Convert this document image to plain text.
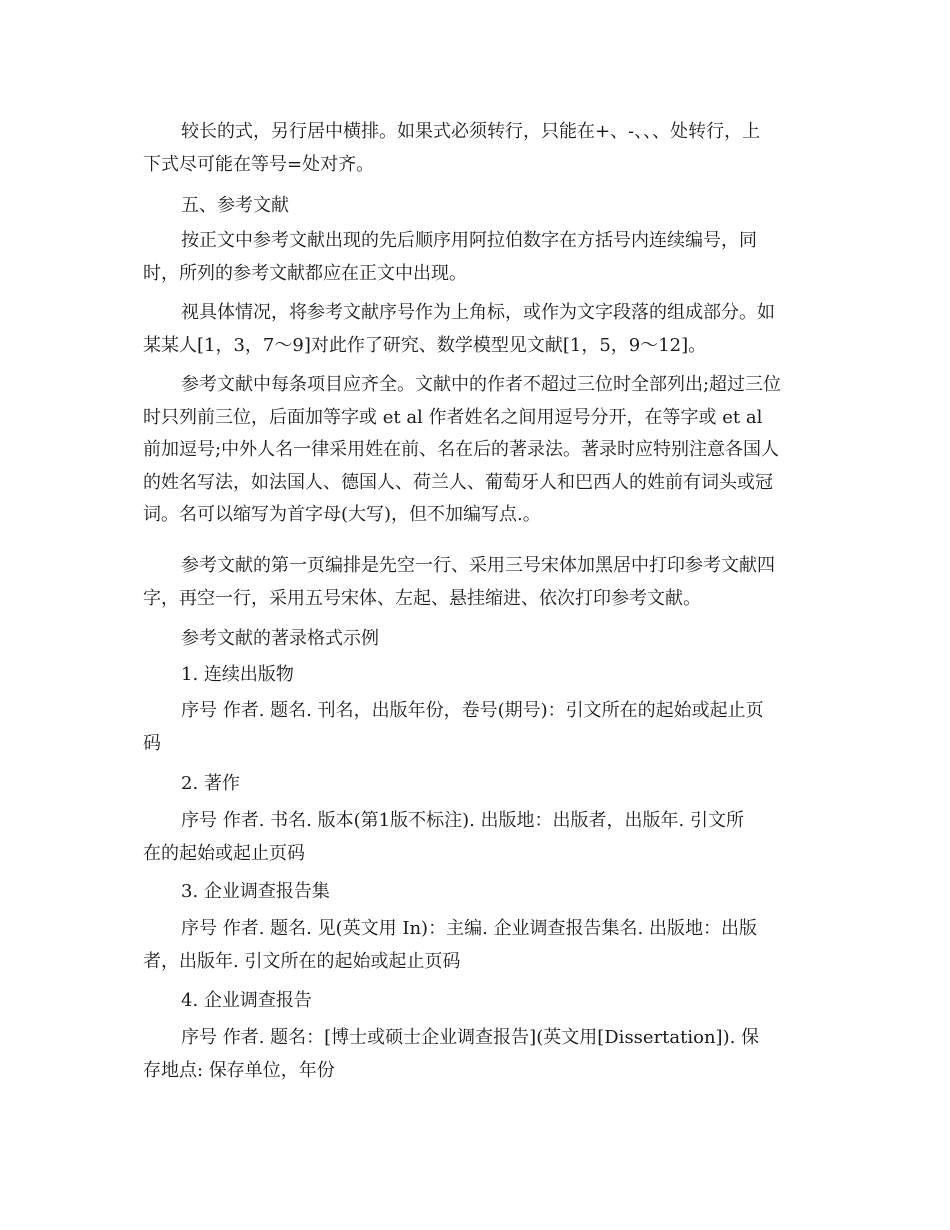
较长的式，另行居中横排。如果式必须转行，只能在+、-、、、处转行，上
下式尽可能在等号=处对齐。
五、参考文献
按正文中参考文献出现的先后顺序用阿拉伯数字在方括号内连续编号，同
时，所列的参考文献都应在正文中出现。
视具体情况，将参考文献序号作为上角标，或作为文字段落的组成部分。如
某某人[1，3，7～9]对此作了研究、数学模型见文献[1，5，9～12]。
参考文献中每条项目应齐全。文献中的作者不超过三位时全部列出;超过三位
时只列前三位，后面加等字或 et al 作者姓名之间用逗号分开，在等字或 et al
前加逗号;中外人名一律采用姓在前、名在后的著录法。著录时应特别注意各国人
的姓名写法，如法国人、德国人、荷兰人、葡萄牙人和巴西人的姓前有词头或冠
词。名可以缩写为首字母(大写)，但不加编写点.。
参考文献的第一页编排是先空一行、采用三号宋体加黑居中打印参考文献四
字，再空一行，采用五号宋体、左起、悬挂缩进、依次打印参考文献。
参考文献的著录格式示例
1. 连续出版物
序号 作者. 题名. 刊名，出版年份，卷号(期号)：引文所在的起始或起止页
码
2. 著作
序号 作者. 书名. 版本(第1版不标注). 出版地：出版者，出版年. 引文所
在的起始或起止页码
3. 企业调查报告集
序号 作者. 题名. 见(英文用 In)：主编. 企业调查报告集名. 出版地：出版
者，出版年. 引文所在的起始或起止页码
4. 企业调查报告
序号 作者. 题名：[博士或硕士企业调查报告](英文用[Dissertation]). 保
存地点: 保存单位，年份
